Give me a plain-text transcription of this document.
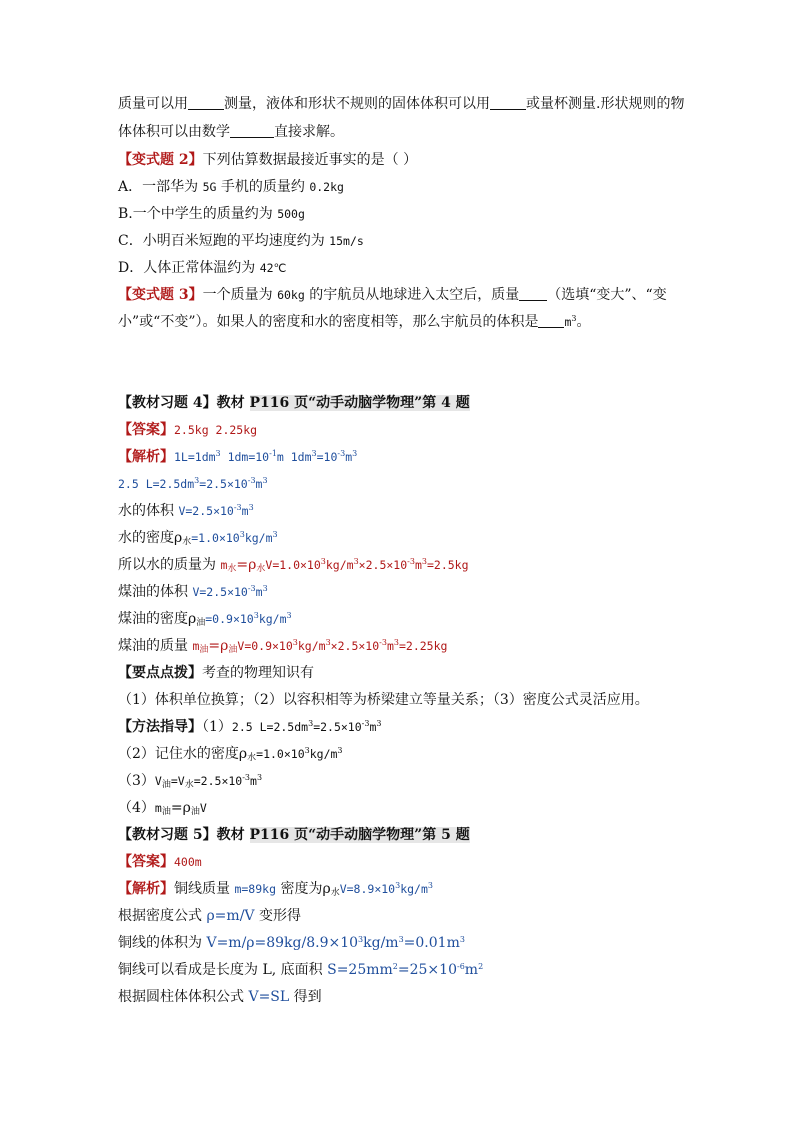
质量可以用	测量，液体和形状不规则的固体体积可以用	或量杯测量.形状规则的物
体体积可以由数学	直接求解。
【变式题 2】下列估算数据最接近事实的是（ ）
A．一部华为 5G 手机的质量约 0.2kg
B.一个中学生的质量约为 500g
C．小明百米短跑的平均速度约为 15m/s
D．人体正常体温约为 42℃
【变式题 3】一个质量为 60kg 的宇航员从地球进入太空后，质量 （选填“变大”、“变
小”或“不变”）。如果人的密度和水的密度相等，那么宇航员的体积是 $m^3$。
【教材习题 4】教材 P116 页“动手动脑学物理”第 4 题
【答案】2.5kg 2.25kg
【解析】$1L=1dm^3$ $1dm=10^{-1}m$ $1dm^3=10^{-3}m^3$
2.5 $L=2.5dm^3=2.5\times 10^{-3}m^3$
水的体积 $V=2.5\times 10^{-3}m^3$
水的密度$\rho_水=1.0\times 10^3kg/m^3$
所以水的质量为 $m_水=\rho_水V=1.0\times 10^3kg/m^3\times 2.5\times 10^{-3}m^3=2.5kg$
煤油的体积 $V=2.5\times 10^{-3}m^3$
煤油的密度$\rho_油=0.9\times 10^3kg/m^3$
煤油的质量 $m_油=\rho_油V=0.9\times 10^3kg/m^3\times 2.5\times 10^{-3}m^3=2.25kg$
【要点点拨】考查的物理知识有
（1）体积单位换算；（2）以容积相等为桥梁建立等量关系；（3）密度公式灵活应用。
【方法指导】（1）2.5 $L=2.5dm^3=2.5\times 10^{-3}m^3$
（2）记住水的密度$\rho_水=1.0\times 10^3kg/m^3$
$(3)V_油=V_水=2.5\times 10^{-3}m^3$
$(4)m_油=\rho_油V$
【教材习题 5】教材 P116 页“动手动脑学物理”第 5 题
【答案】400m
【解析】铜线质量 m=89kg 密度为$\rho_水V=8.9\times 10^3kg/m^3$
根据密度公式 ρ=m/V 变形得
铜线的体积为 $V=m/\rho=89kg/8.9\times 10^3kg/m^3=0.01m^3$
铜线可以看成是长度为 L, 底面积 $S=25mm^2=25\times 10^{-6}m^2$
根据圆柱体体积公式 V=SL 得到
